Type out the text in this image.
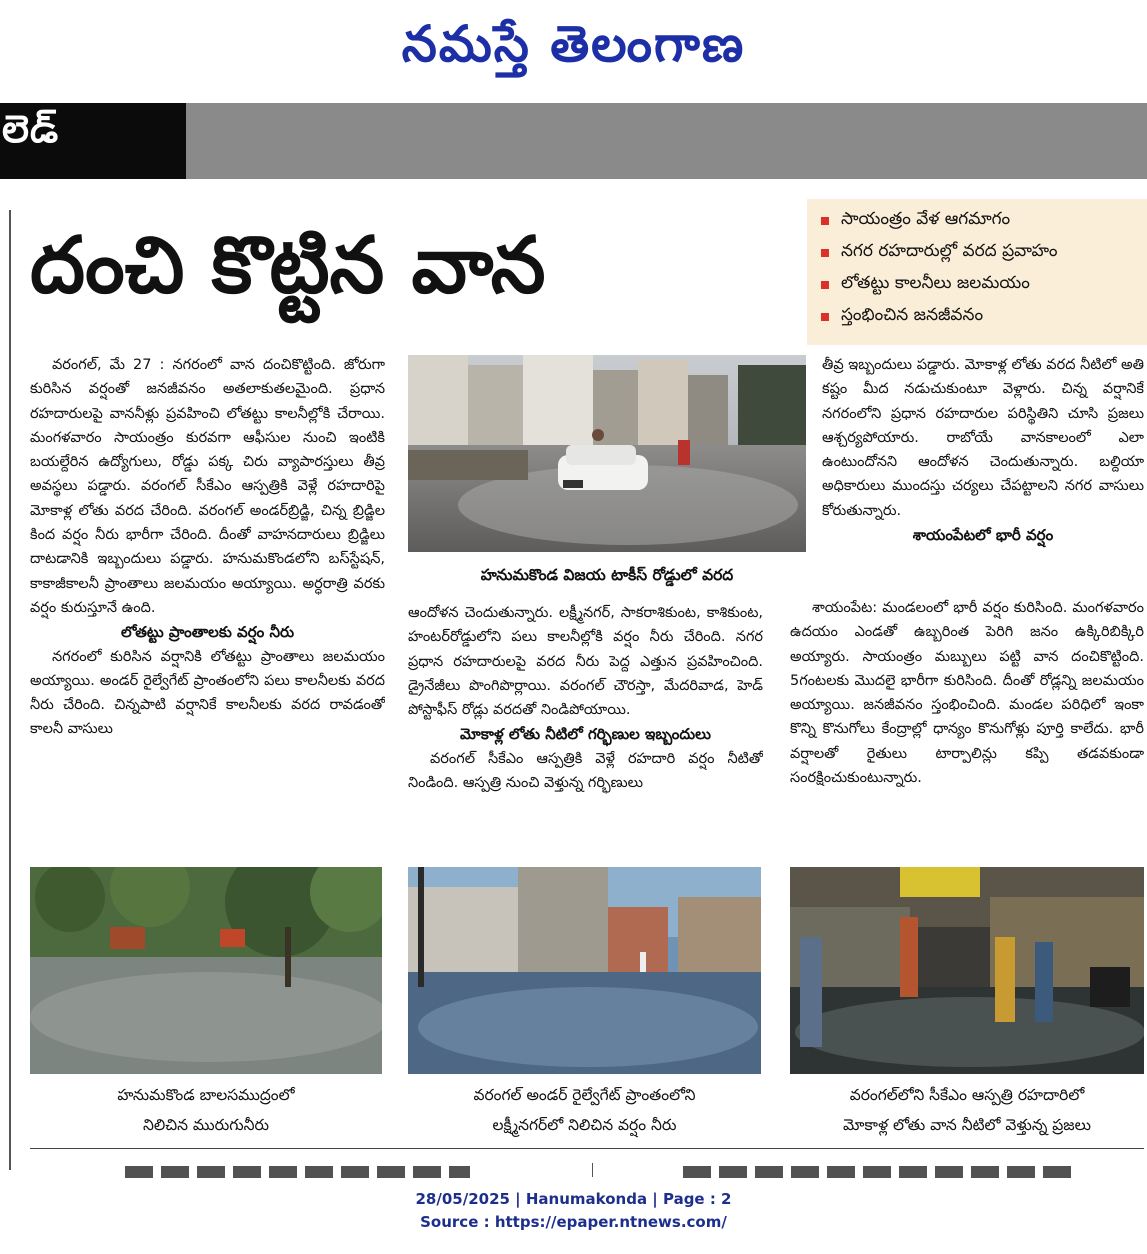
నమస్తే తెలంగాణ
లెడ్
దంచి కొట్టిన వాన
సాయంత్రం వేళ ఆగమాగం
నగర రహదారుల్లో వరద ప్రవాహం
లోతట్టు కాలనీలు జలమయం
స్తంభించిన జనజీవనం

వరంగల్, మే 27 : నగరంలో వాన దంచికొట్టింది. జోరుగా కురిసిన వర్షంతో జనజీవనం అతలాకుతలమైంది. ప్రధాన రహదారులపై వాననీళ్లు ప్రవహించి లోతట్టు కాలనీల్లోకి చేరాయి. మంగళవారం సాయంత్రం కురవగా ఆఫీసుల నుంచి ఇంటికి బయల్దేరిన ఉద్యోగులు, రోడ్డు పక్క చిరు వ్యాపారస్తులు తీవ్ర అవస్థలు పడ్డారు. వరంగల్ సీకేఎం ఆస్పత్రికి వెళ్లే రహదారిపై మోకాళ్ల లోతు వరద చేరింది. వరంగల్ అండర్‌బ్రిడ్జి, చిన్న బ్రిడ్జిల కింద వర్షం నీరు భారీగా చేరింది. దీంతో వాహనదారులు బ్రిడ్జిలు దాటడానికి ఇబ్బందులు పడ్డారు. హనుమకొండలోని బస్‌స్టేషన్, కాకాజీకాలనీ ప్రాంతాలు జలమయం అయ్యాయి. అర్ధరాత్రి వరకు వర్షం కురుస్తూనే ఉంది.

లోతట్టు ప్రాంతాలకు వర్షం నీరు

నగరంలో కురిసిన వర్షానికి లోతట్టు ప్రాంతాలు జలమయం అయ్యాయి. అండర్ రైల్వేగేట్ ప్రాంతంలోని పలు కాలనీలకు వరద నీరు చేరింది. చిన్నపాటి వర్షానికే కాలనీలకు వరద రావడంతో కాలనీ వాసులు

హనుమకొండ విజయ టాకీస్ రోడ్డులో వరద

ఆందోళన చెందుతున్నారు. లక్ష్మీనగర్, సాకరాశికుంట, కాశికుంట, హంటర్‌రోడ్డులోని పలు కాలనీల్లోకి వర్షం నీరు చేరింది. నగర ప్రధాన రహదారులపై వరద నీరు పెద్ద ఎత్తున ప్రవహించింది. డ్రైనేజీలు పొంగిపొర్లాయి. వరంగల్ చౌరస్తా, మేదరివాడ, హెడ్ పోస్టాఫీస్ రోడ్లు వరదతో నిండిపోయాయి.

మోకాళ్ల లోతు నీటిలో గర్భిణుల ఇబ్బందులు

వరంగల్ సీకేఎం ఆస్పత్రికి వెళ్లే రహదారి వర్షం నీటితో నిండింది. ఆస్పత్రి నుంచి వెళ్తున్న గర్భిణులు

తీవ్ర ఇబ్బందులు పడ్డారు. మోకాళ్ల లోతు వరద నీటిలో అతి కష్టం మీద నడుచుకుంటూ వెళ్లారు. చిన్న వర్షానికే నగరంలోని ప్రధాన రహదారుల పరిస్థితిని చూసి ప్రజలు ఆశ్చర్యపోయారు. రాబోయే వానకాలంలో ఎలా ఉంటుందోనని ఆందోళన చెందుతున్నారు. బల్దియా అధికారులు ముందస్తు చర్యలు చేపట్టాలని నగర వాసులు కోరుతున్నారు.

శాయంపేటలో భారీ వర్షం

శాయంపేట: మండలంలో భారీ వర్షం కురిసింది. మంగళవారం ఉదయం ఎండతో ఉబ్బరింత పెరిగి జనం ఉక్కిరిబిక్కిరి అయ్యారు. సాయంత్రం మబ్బులు పట్టి వాన దంచికొట్టింది. 5గంటలకు మొదలై భారీగా కురిసింది. దీంతో రోడ్లన్ని జలమయం అయ్యాయి. జనజీవనం స్తంభించింది. మండల పరిధిలో ఇంకా కొన్ని కొనుగోలు కేంద్రాల్లో ధాన్యం కొనుగోళ్లు పూర్తి కాలేదు. భారీ వర్షాలతో రైతులు టార్పాలిన్లు కప్పి తడవకుండా సంరక్షించుకుంటున్నారు.

హనుమకొండ బాలసముద్రంలో
నిలిచిన మురుగునీరు
వరంగల్ అండర్ రైల్వేగేట్ ప్రాంతంలోని
లక్ష్మీనగర్‌లో నిలిచిన వర్షం నీరు
వరంగల్‌లోని సీకేఎం ఆస్పత్రి రహదారిలో
మోకాళ్ల లోతు వాన నీటిలో వెళ్తున్న ప్రజలు
28/05/2025 | Hanumakonda | Page : 2
Source : https://epaper.ntnews.com/
